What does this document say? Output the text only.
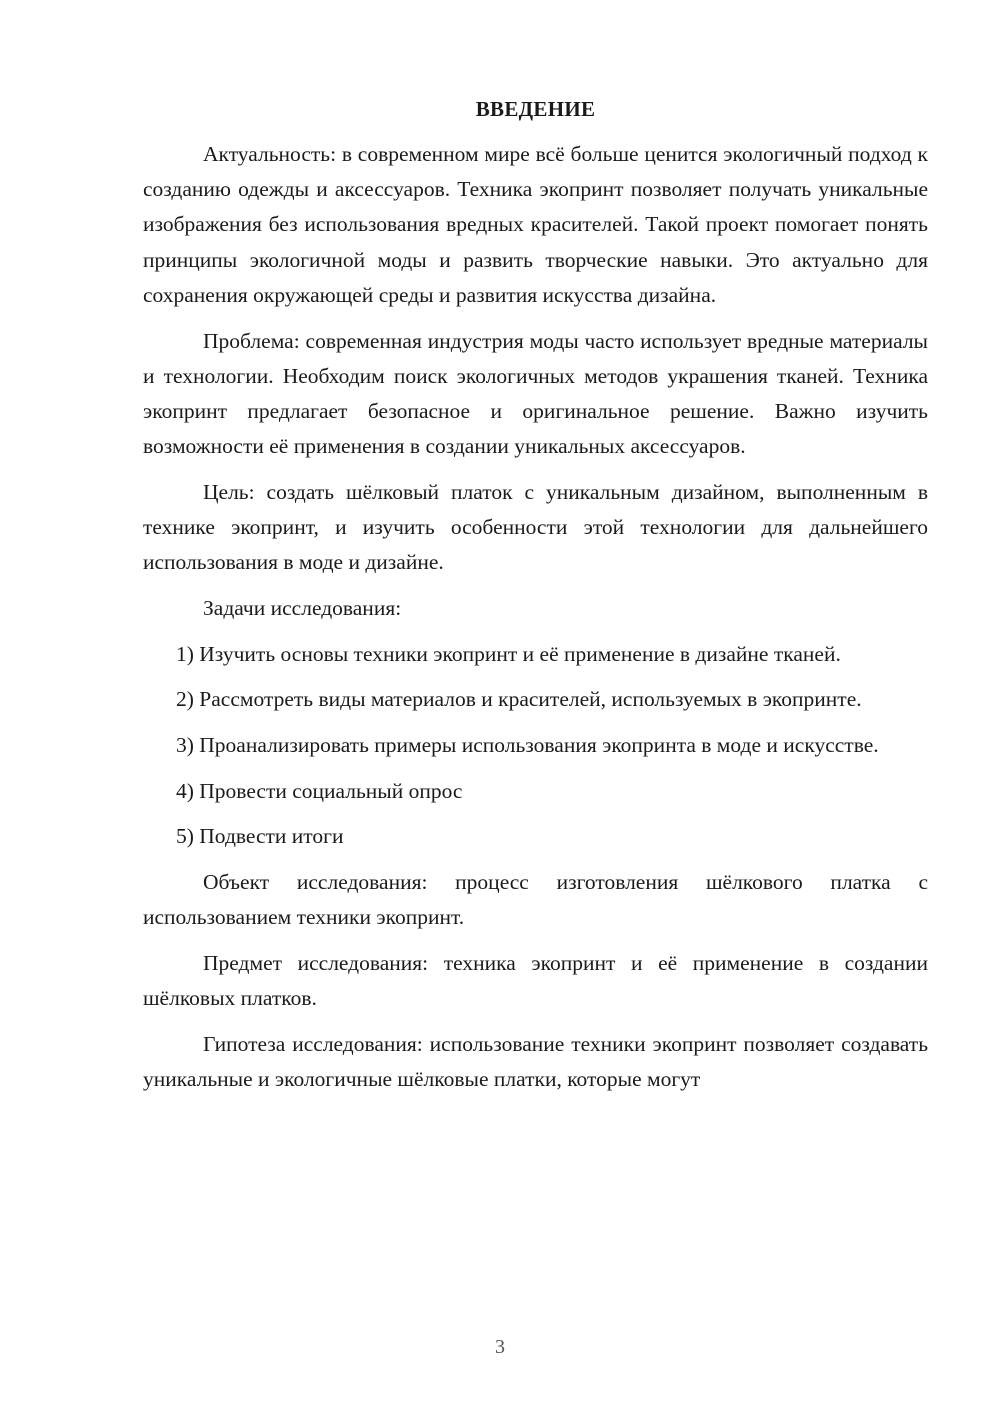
ВВЕДЕНИЕ

Актуальность: в современном мире всё больше ценится экологичный подход к созданию одежды и аксессуаров. Техника экопринт позволяет получать уникальные изображения без использования вредных красителей. Такой проект помогает понять принципы экологичной моды и развить творческие навыки. Это актуально для сохранения окружающей среды и развития искусства дизайна.

Проблема: современная индустрия моды часто использует вредные материалы и технологии. Необходим поиск экологичных методов украшения тканей. Техника экопринт предлагает безопасное и оригинальное решение. Важно изучить возможности её применения в создании уникальных аксессуаров.

Цель: создать шёлковый платок с уникальным дизайном, выполненным в технике экопринт, и изучить особенности этой технологии для дальнейшего использования в моде и дизайне.

Задачи исследования:

1) Изучить основы техники экопринт и её применение в дизайне тканей.

2) Рассмотреть виды материалов и красителей, используемых в экопринте.

3) Проанализировать примеры использования экопринта в моде и искусстве.

4) Провести социальный опрос

5) Подвести итоги

Объект исследования: процесс изготовления шёлкового платка с использованием техники экопринт.

Предмет исследования: техника экопринт и её применение в создании шёлковых платков.

Гипотеза исследования: использование техники экопринт позволяет создавать уникальные и экологичные шёлковые платки, которые могут

3
